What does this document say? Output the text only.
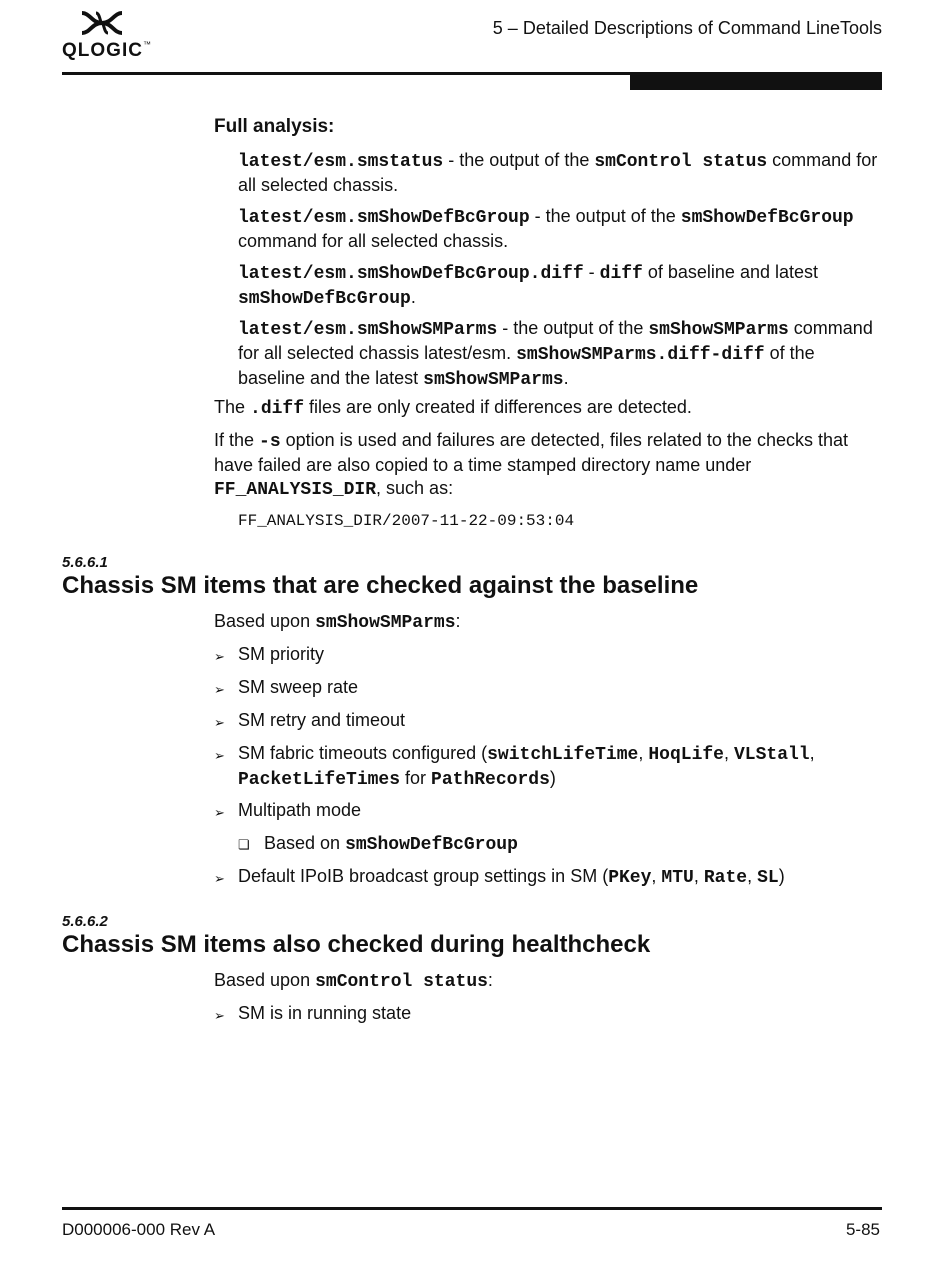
QLOGIC™
5 – Detailed Descriptions of Command LineTools
Full analysis:

latest/esm.smstatus - the output of the smControl status command for all selected chassis.

latest/esm.smShowDefBcGroup - the output of the smShowDefBcGroup command for all selected chassis.

latest/esm.smShowDefBcGroup.diff - diff of baseline and latest smShowDefBcGroup.

latest/esm.smShowSMParms - the output of the smShowSMParms command for all selected chassis latest/esm. smShowSMParms.diff-diff of the baseline and the latest smShowSMParms.

The .diff files are only created if differences are detected.

If the -s option is used and failures are detected, files related to the checks that have failed are also copied to a time stamped directory name under FF_ANALYSIS_DIR, such as:

FF_ANALYSIS_DIR/2007-11-22-09:53:04

5.6.6.1
Chassis SM items that are checked against the baseline

Based upon smShowSMParms:

➢ SM priority
➢ SM sweep rate
➢ SM retry and timeout
➢ SM fabric timeouts configured (switchLifeTime, HoqLife, VLStall, PacketLifeTimes for PathRecords)
➢ Multipath mode
❏ Based on smShowDefBcGroup
➢ Default IPoIB broadcast group settings in SM (PKey, MTU, Rate, SL)
5.6.6.2
Chassis SM items also checked during healthcheck

Based upon smControl status:

➢ SM is in running state
D000006-000 Rev A	5-85
